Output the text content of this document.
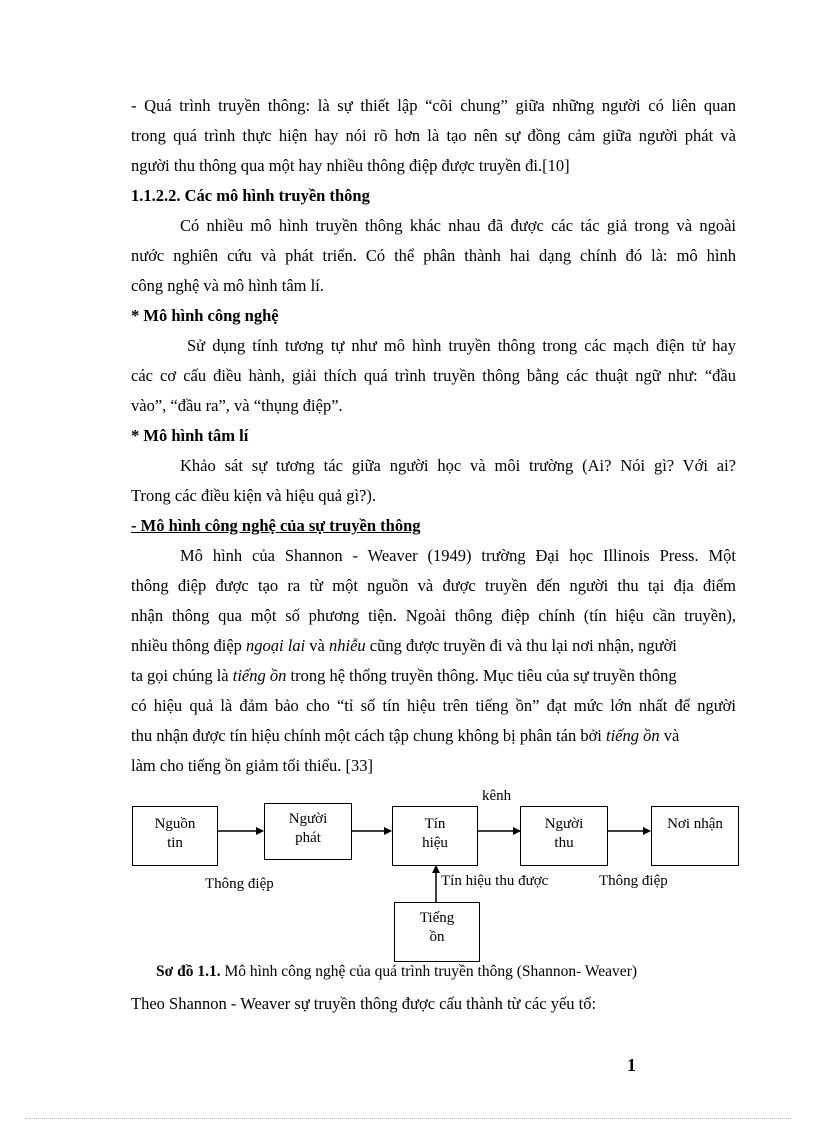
- Quá trình truyền thông: là sự thiết lập “cõi chung” giữa những người có liên quan
trong quá trình thực hiện hay nói rõ hơn là tạo nên sự đồng cảm giữa người phát và
người thu thông qua một hay nhiều thông điệp được truyền đi.[10]
1.1.2.2. Các mô hình truyền thông
Có nhiều mô hình truyền thông khác nhau đã được các tác giả trong và ngoài
nước nghiên cứu và phát triển. Có thể phân thành hai dạng chính đó là: mô hình
công nghệ và mô hình tâm lí.
* Mô hình công nghệ
Sử dụng tính tương tự như mô hình truyền thông trong các mạch điện tử hay
các cơ cấu điều hành, giải thích quá trình truyền thông bằng các thuật ngữ như: “đầu
vào”, “đầu ra”, và “thụng điệp”.
* Mô hình tâm lí
Khảo sát sự tương tác giữa người học và môi trường (Ai? Nói gì? Với ai?
Trong các điều kiện và hiệu quả gì?).
- Mô hình công nghệ của sự truyền thông
Mô hình của Shannon - Weaver (1949) trường Đại học Illinois Press. Một
thông điệp được tạo ra từ một nguồn và được truyền đến người thu tại địa điểm
nhận thông qua một số phương tiện. Ngoài thông điệp chính (tín hiệu cần truyền),
nhiều thông điệp ngoại lai và nhiễu cũng được truyền đi và thu lại nơi nhận, người
ta gọi chúng là tiếng ồn trong hệ thống truyền thông. Mục tiêu của sự truyền thông
có hiệu quả là đảm bảo cho “tỉ số tín hiệu trên tiếng ồn” đạt mức lớn nhất để người
thu nhận được tín hiệu chính một cách tập chung không bị phân tán bởi tiếng ồn và
làm cho tiếng ồn giảm tối thiểu. [33]
kênh
Nguồn
tin
Người
phát
Tín
hiệu
Người
thu
Nơi nhận
Tiếng
ồn
Thông điệp	Tín hiệu thu được	Thông điệp
Sơ đồ 1.1. Mô hình công nghệ của quá trình truyền thông (Shannon- Weaver)
Theo Shannon - Weaver sự truyền thông được cấu thành từ các yếu tố:
1
